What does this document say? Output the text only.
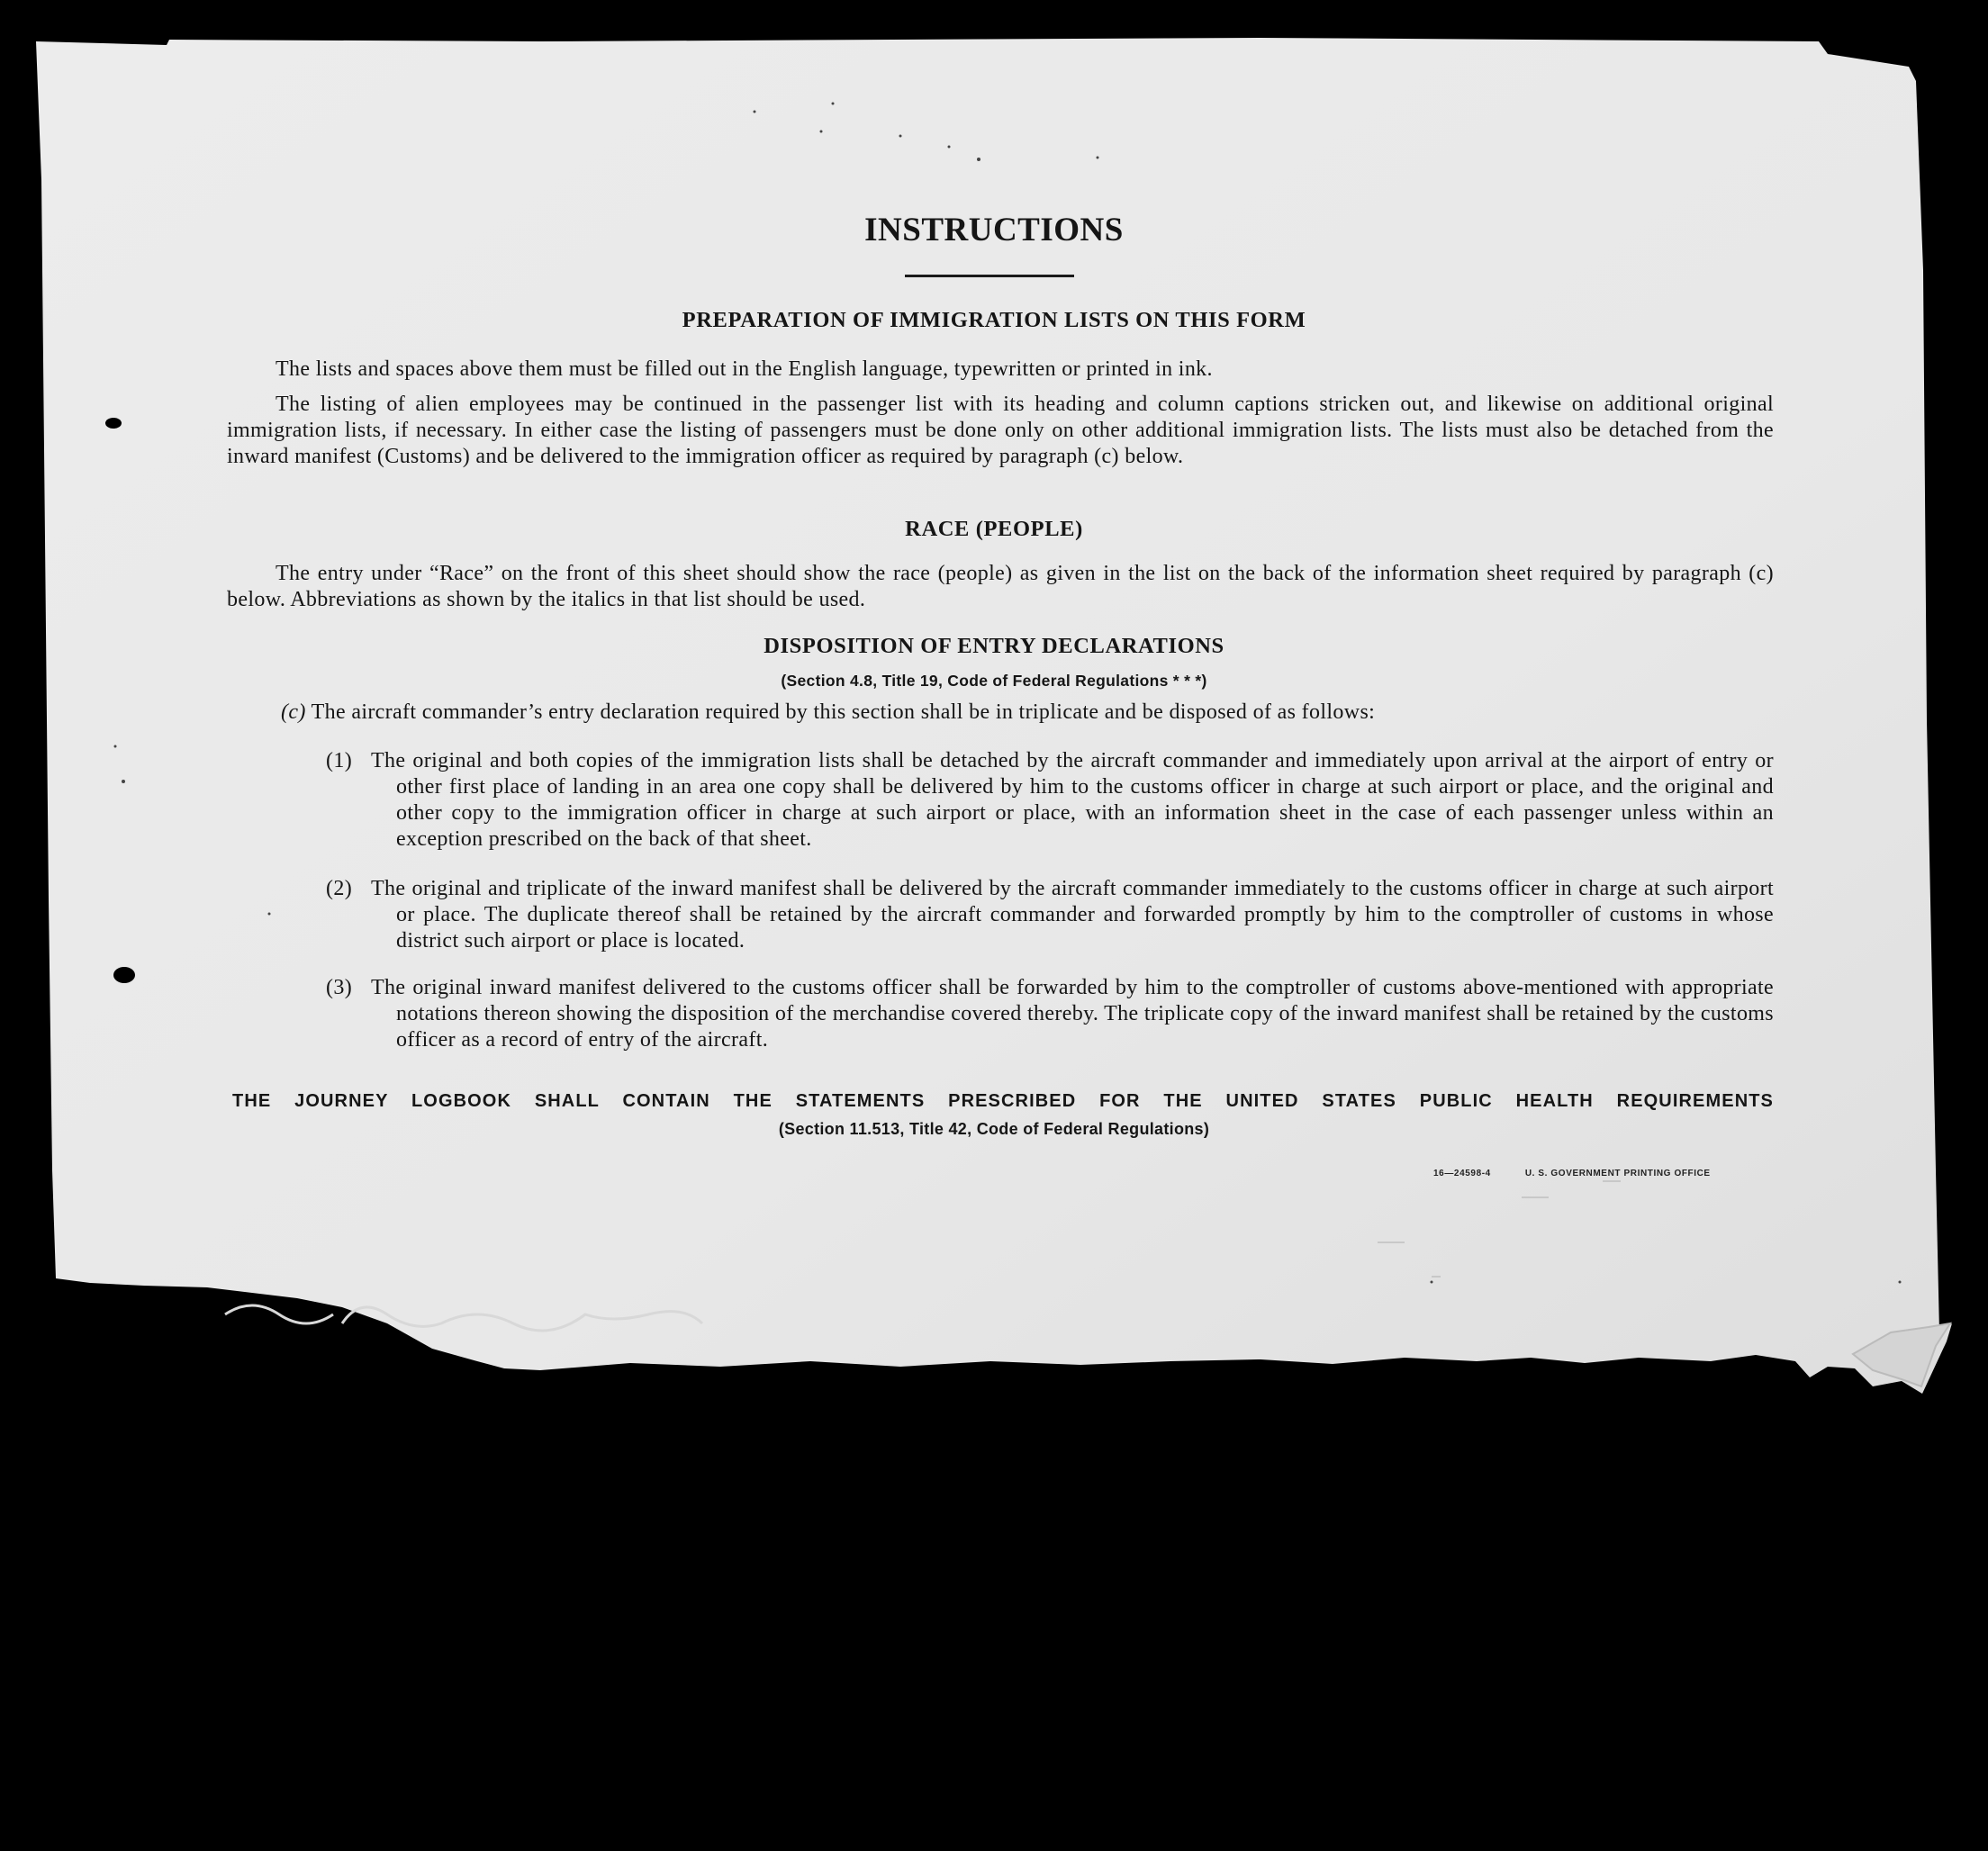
INSTRUCTIONS
PREPARATION OF IMMIGRATION LISTS ON THIS FORM

The lists and spaces above them must be filled out in the English language, typewritten or printed in ink.

The listing of alien employees may be continued in the passenger list with its heading and column captions stricken out, and likewise on additional original immigration lists, if necessary. In either case the listing of passengers must be done only on other additional immigration lists. The lists must also be detached from the inward manifest (Customs) and be delivered to the immigration officer as required by paragraph (c) below.

RACE (PEOPLE)

The entry under “Race” on the front of this sheet should show the race (people) as given in the list on the back of the information sheet required by paragraph (c) below. Abbreviations as shown by the italics in that list should be used.

DISPOSITION OF ENTRY DECLARATIONS
(Section 4.8, Title 19, Code of Federal Regulations * * *)

(c) The aircraft commander’s entry declaration required by this section shall be in triplicate and be disposed of as follows:

(1) The original and both copies of the immigration lists shall be detached by the aircraft commander and immediately upon arrival at the airport of entry or other first place of landing in an area one copy shall be delivered by him to the customs officer in charge at such airport or place, and the original and other copy to the immigration officer in charge at such airport or place, with an information sheet in the case of each passenger unless within an exception prescribed on the back of that sheet.
(2) The original and triplicate of the inward manifest shall be delivered by the aircraft commander immediately to the customs officer in charge at such airport or place. The duplicate thereof shall be retained by the aircraft commander and forwarded promptly by him to the comptroller of customs in whose district such airport or place is located.
(3) The original inward manifest delivered to the customs officer shall be forwarded by him to the comptroller of customs above-mentioned with appropriate notations thereon showing the disposition of the merchandise covered thereby. The triplicate copy of the inward manifest shall be retained by the customs officer as a record of entry of the aircraft.
THE JOURNEY LOGBOOK SHALL CONTAIN THE STATEMENTS PRESCRIBED FOR THE UNITED STATES PUBLIC HEALTH REQUIREMENTS
(Section 11.513, Title 42, Code of Federal Regulations)
16—24598-4	U. S. GOVERNMENT PRINTING OFFICE
